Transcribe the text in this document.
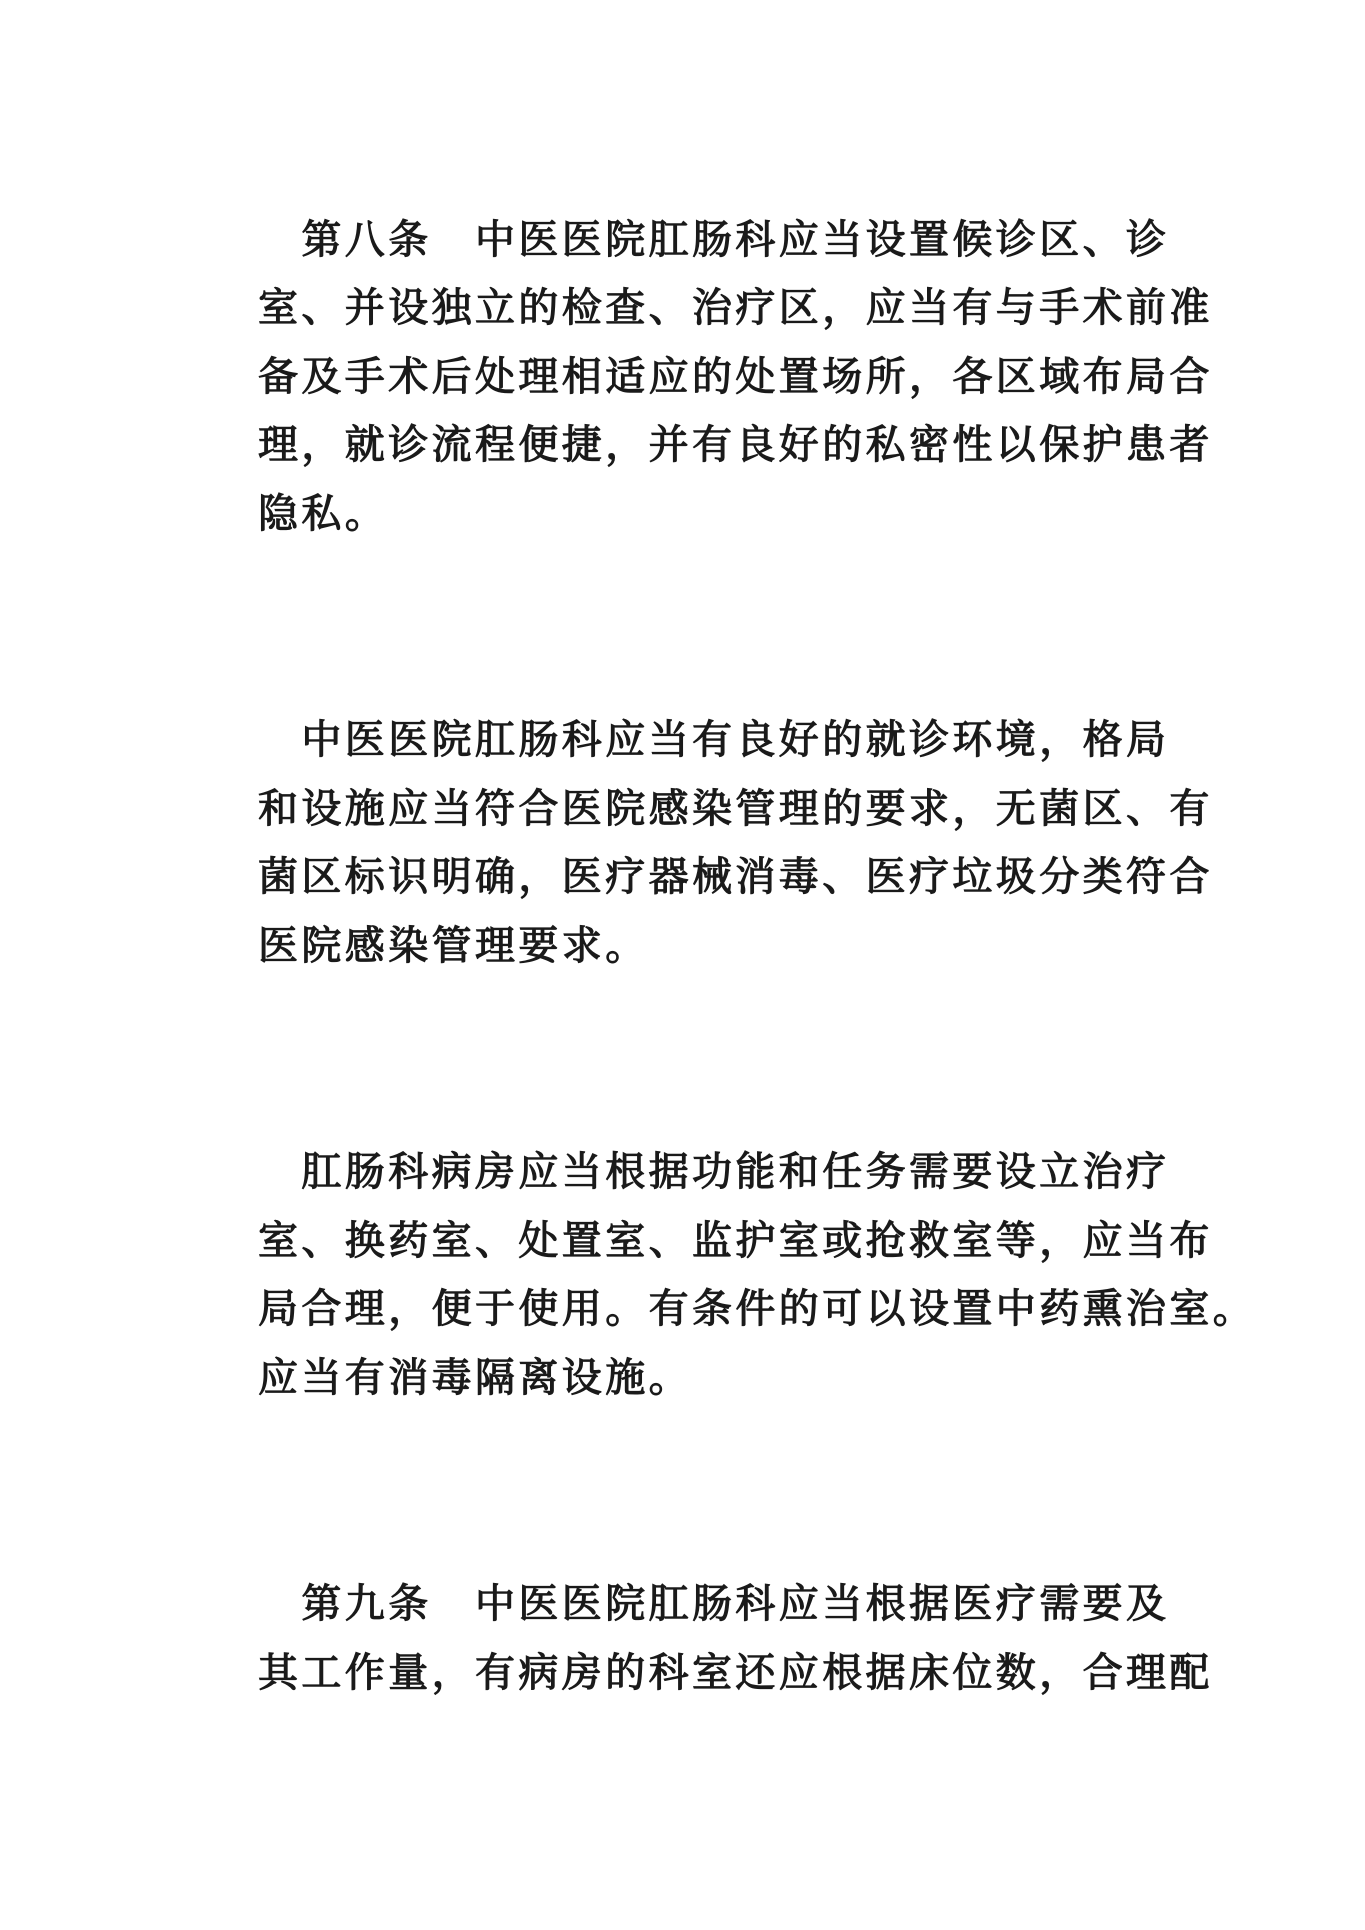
　第八条　中医医院肛肠科应当设置候诊区、诊
室、并设独立的检查、治疗区，应当有与手术前准
备及手术后处理相适应的处置场所，各区域布局合
理，就诊流程便捷，并有良好的私密性以保护患者
隐私。
　中医医院肛肠科应当有良好的就诊环境，格局
和设施应当符合医院感染管理的要求，无菌区、有
菌区标识明确，医疗器械消毒、医疗垃圾分类符合
医院感染管理要求。
　肛肠科病房应当根据功能和任务需要设立治疗
室、换药室、处置室、监护室或抢救室等，应当布
局合理，便于使用。有条件的可以设置中药熏治室。
应当有消毒隔离设施。
　第九条　中医医院肛肠科应当根据医疗需要及
其工作量，有病房的科室还应根据床位数，合理配
